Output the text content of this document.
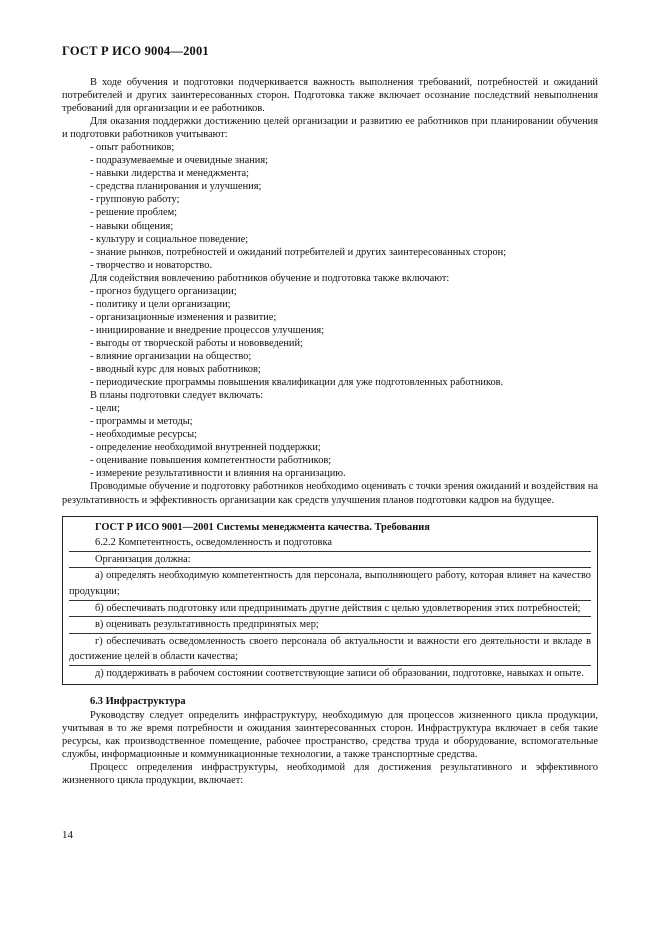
ГОСТ Р ИСО 9004—2001

В ходе обучения и подготовки подчеркивается важность выполнения требований, потребностей и ожиданий потребителей и других заинтересованных сторон. Подготовка также включает осознание последствий невыполнения требований для организации и ее работников.

Для оказания поддержки достижению целей организации и развитию ее работников при планировании обучения и подготовки работников учитывают:

- опыт работников;
- подразумеваемые и очевидные знания;
- навыки лидерства и менеджмента;
- средства планирования и улучшения;
- групповую работу;
- решение проблем;
- навыки общения;
- культуру и социальное поведение;
- знание рынков, потребностей и ожиданий потребителей и других заинтересованных сторон;
- творчество и новаторство.

Для содействия вовлечению работников обучение и подготовка также включают:

- прогноз будущего организации;
- политику и цели организации;
- организационные изменения и развитие;
- инициирование и внедрение процессов улучшения;
- выгоды от творческой работы и нововведений;
- влияние организации на общество;
- вводный курс для новых работников;
- периодические программы повышения квалификации для уже подготовленных работников.

В планы подготовки следует включать:

- цели;
- программы и методы;
- необходимые ресурсы;
- определение необходимой внутренней поддержки;
- оценивание повышения компетентности работников;
- измерение результативности и влияния на организацию.

Проводимые обучение и подготовку работников необходимо оценивать с точки зрения ожиданий и воздействия на результативность и эффективность организации как средств улучшения планов подготовки кадров на будущее.

ГОСТ Р ИСО 9001—2001 Системы менеджмента качества. Требования

6.2.2 Компетентность, осведомленность и подготовка

Организация должна:

а) определять необходимую компетентность для персонала, выполняющего работу, которая влияет на качество продукции;

б) обеспечивать подготовку или предпринимать другие действия с целью удовлетворения этих потребностей;

в) оценивать результативность предпринятых мер;

г) обеспечивать осведомленность своего персонала об актуальности и важности его деятельности и вкладе в достижение целей в области качества;

д) поддерживать в рабочем состоянии соответствующие записи об образовании, подготовке, навыках и опыте.

6.3 Инфраструктура

Руководству следует определить инфраструктуру, необходимую для процессов жизненного цикла продукции, учитывая в то же время потребности и ожидания заинтересованных сторон. Инфраструктура включает в себя такие ресурсы, как производственное помещение, рабочее пространство, средства труда и оборудование, вспомогательные службы, информационные и коммуникационные технологии, а также транспортные средства.

Процесс определения инфраструктуры, необходимой для достижения результативного и эффективного жизненного цикла продукции, включает:

14
